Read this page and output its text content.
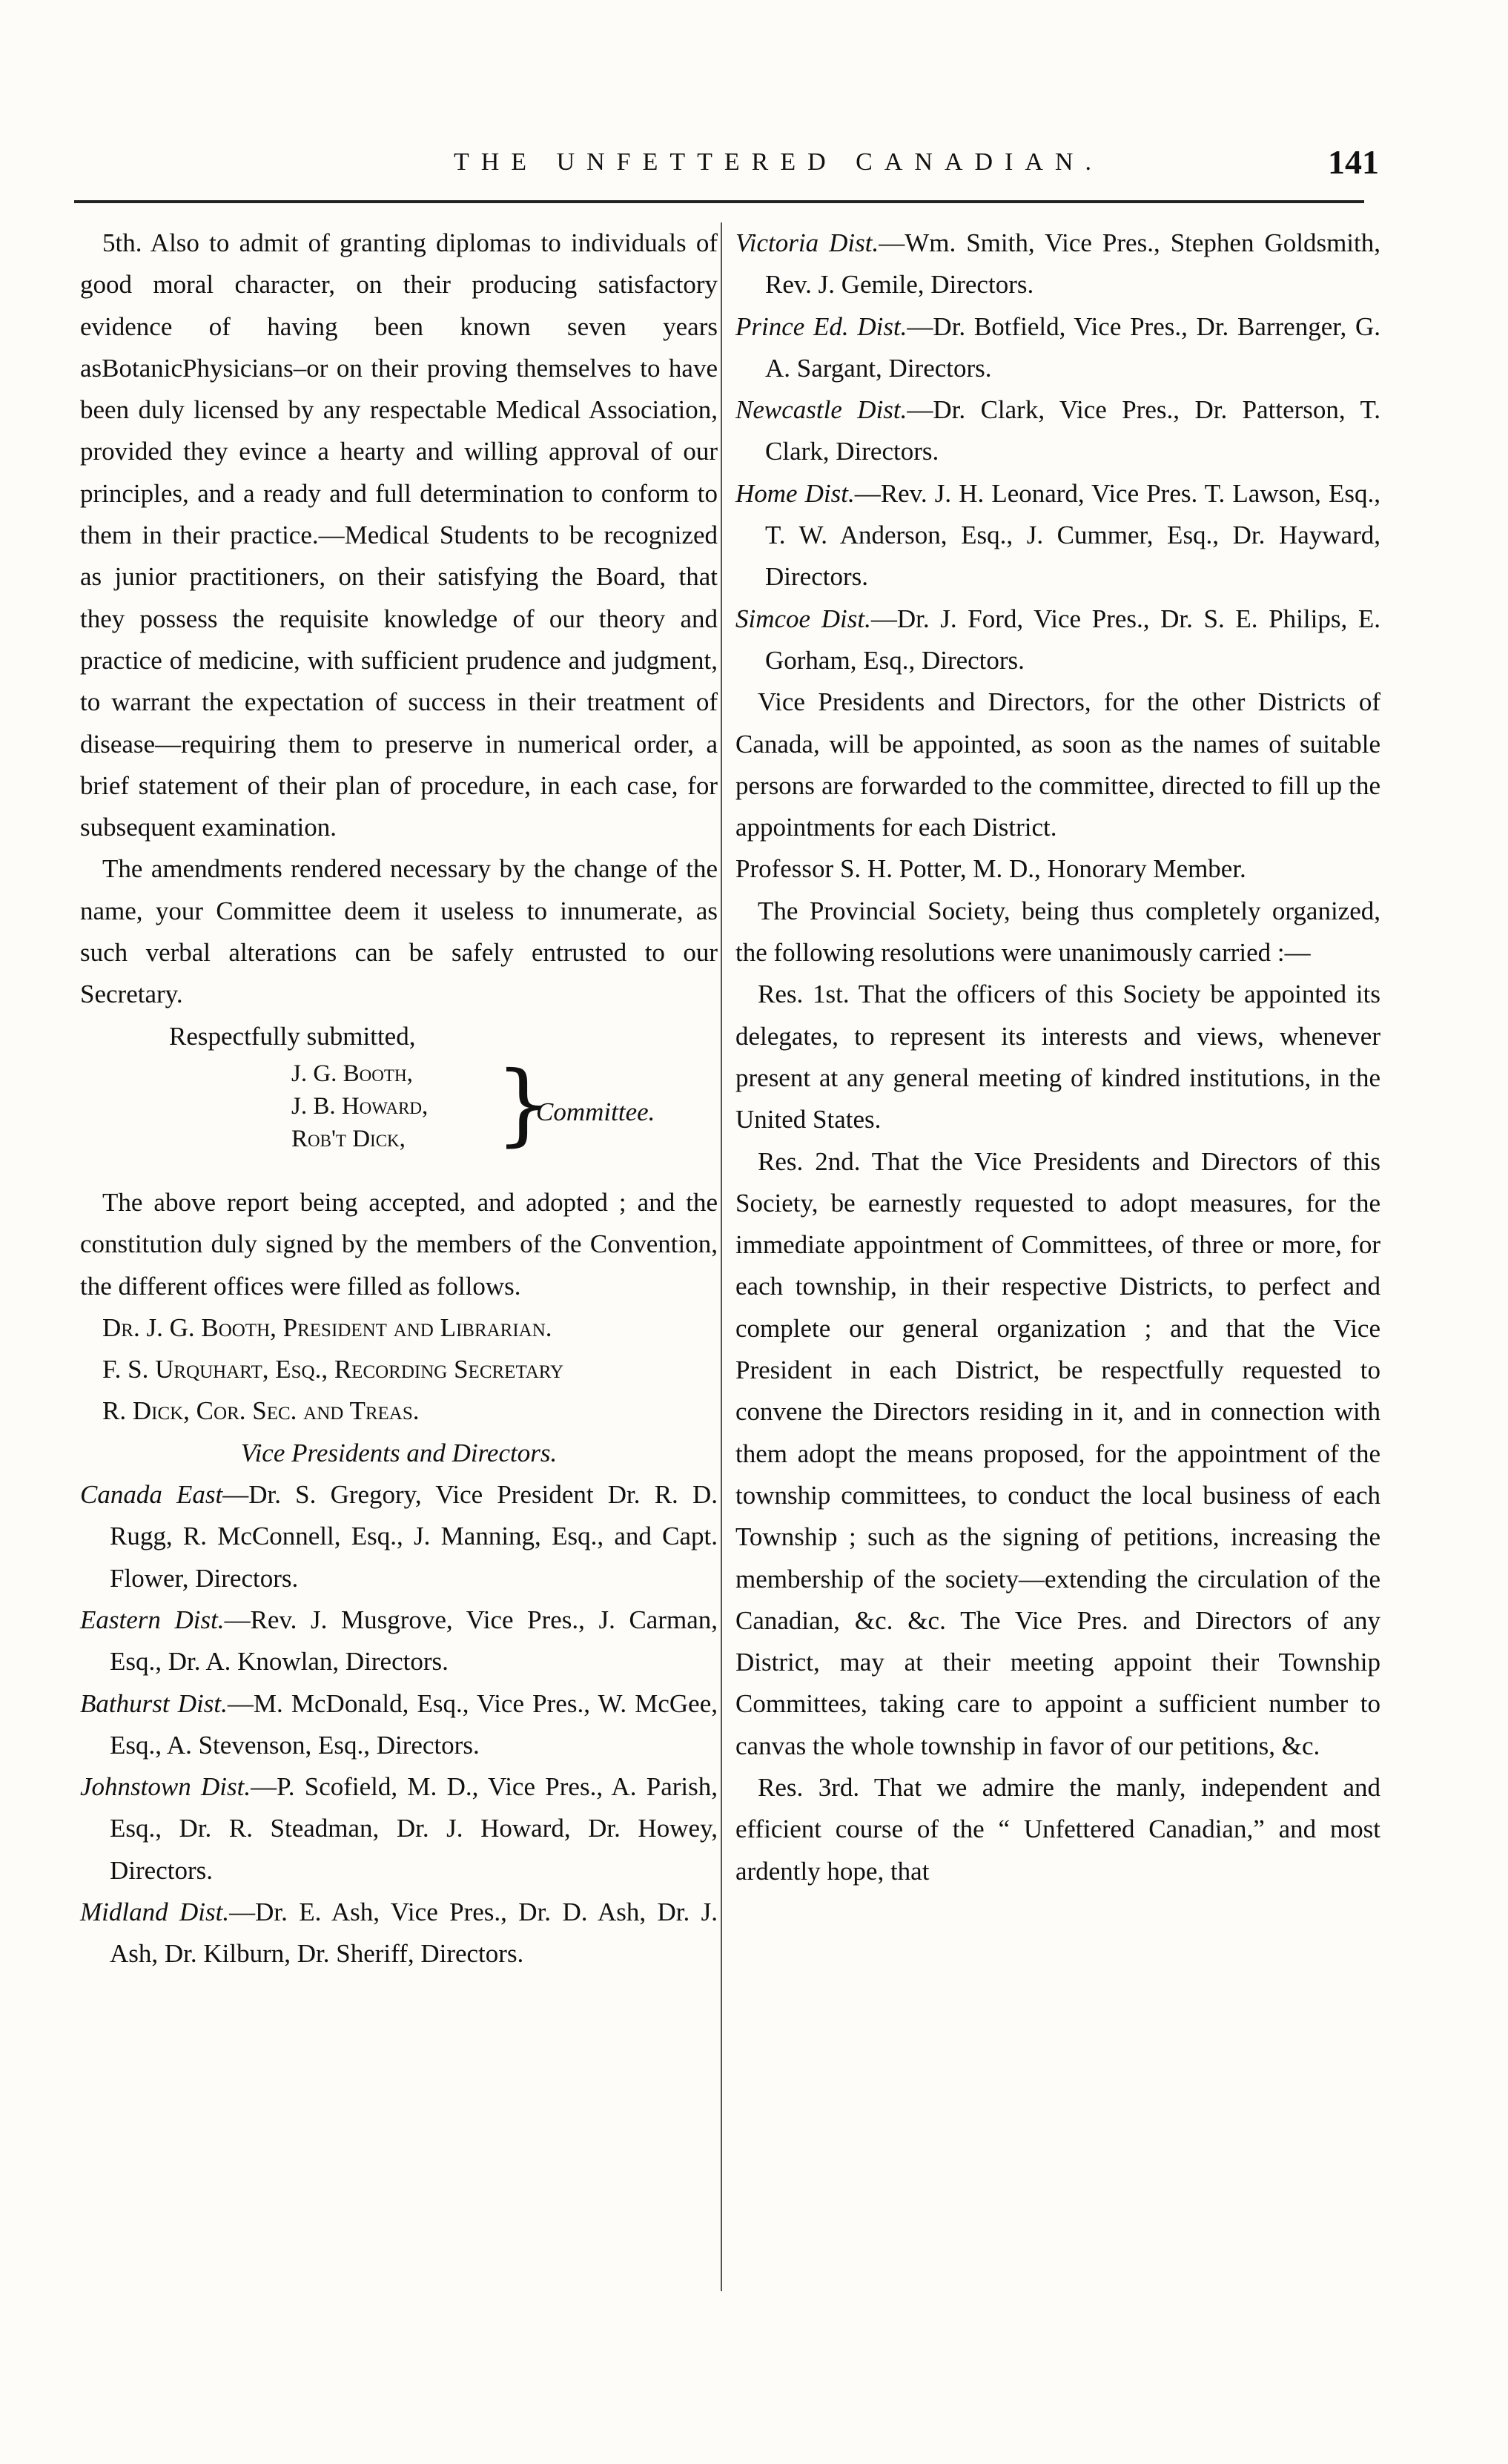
THE UNFETTERED CANADIAN.	141

5th. Also to admit of granting diplomas to individuals of good moral character, on their producing satisfactory evidence of having been known seven years asBotanicPhysicians–or on their proving themselves to have been duly licensed by any respectable Medical Association, provided they evince a hearty and willing approval of our principles, and a ready and full determination to conform to them in their practice.—Medical Students to be recognized as junior practitioners, on their satisfying the Board, that they possess the requisite knowledge of our theory and practice of medicine, with sufficient prudence and judgment, to warrant the expectation of success in their treatment of disease—requiring them to preserve in numerical order, a brief statement of their plan of procedure, in each case, for subsequent examination.

The amendments rendered necessary by the change of the name, your Committee deem it useless to innumerate, as such verbal alterations can be safely entrusted to our Secretary.

Respectfully submitted,

J. G. Booth,
J. B. Howard,
Rob't Dick, }
Committee.

The above report being accepted, and adopted ; and the constitution duly signed by the members of the Convention, the different offices were filled as follows.

Dr. J. G. Booth, President and Librarian.

F. S. Urquhart, Esq., Recording Secretary

R. Dick, Cor. Sec. and Treas.

Vice Presidents and Directors.

Canada East—Dr. S. Gregory, Vice President Dr. R. D. Rugg, R. McConnell, Esq., J. Manning, Esq., and Capt. Flower, Directors.

Eastern Dist.—Rev. J. Musgrove, Vice Pres., J. Carman, Esq., Dr. A. Knowlan, Directors.

Bathurst Dist.—M. McDonald, Esq., Vice Pres., W. McGee, Esq., A. Stevenson, Esq., Directors.

Johnstown Dist.—P. Scofield, M. D., Vice Pres., A. Parish, Esq., Dr. R. Steadman, Dr. J. Howard, Dr. Howey, Directors.

Midland Dist.—Dr. E. Ash, Vice Pres., Dr. D. Ash, Dr. J. Ash, Dr. Kilburn, Dr. Sheriff, Directors.

Victoria Dist.—Wm. Smith, Vice Pres., Stephen Goldsmith, Rev. J. Gemile, Directors.

Prince Ed. Dist.—Dr. Botfield, Vice Pres., Dr. Barrenger, G. A. Sargant, Directors.

Newcastle Dist.—Dr. Clark, Vice Pres., Dr. Patterson, T. Clark, Directors.

Home Dist.—Rev. J. H. Leonard, Vice Pres. T. Lawson, Esq., T. W. Anderson, Esq., J. Cummer, Esq., Dr. Hayward, Directors.

Simcoe Dist.—Dr. J. Ford, Vice Pres., Dr. S. E. Philips, E. Gorham, Esq., Directors.

Vice Presidents and Directors, for the other Districts of Canada, will be appointed, as soon as the names of suitable persons are forwarded to the committee, directed to fill up the appointments for each District.

Professor S. H. Potter, M. D., Honorary Member.

The Provincial Society, being thus completely organized, the following resolutions were unanimously carried :—

Res. 1st. That the officers of this Society be appointed its delegates, to represent its interests and views, whenever present at any general meeting of kindred institutions, in the United States.

Res. 2nd. That the Vice Presidents and Directors of this Society, be earnestly requested to adopt measures, for the immediate appointment of Committees, of three or more, for each township, in their respective Districts, to perfect and complete our general organization ; and that the Vice President in each District, be respectfully requested to convene the Directors residing in it, and in connection with them adopt the means proposed, for the appointment of the township committees, to conduct the local business of each Township ; such as the signing of petitions, increasing the membership of the society—extending the circulation of the Canadian, &c. &c. The Vice Pres. and Directors of any District, may at their meeting appoint their Township Committees, taking care to appoint a sufficient number to canvas the whole township in favor of our petitions, &c.

Res. 3rd. That we admire the manly, independent and efficient course of the “ Unfettered Canadian,” and most ardently hope, that
